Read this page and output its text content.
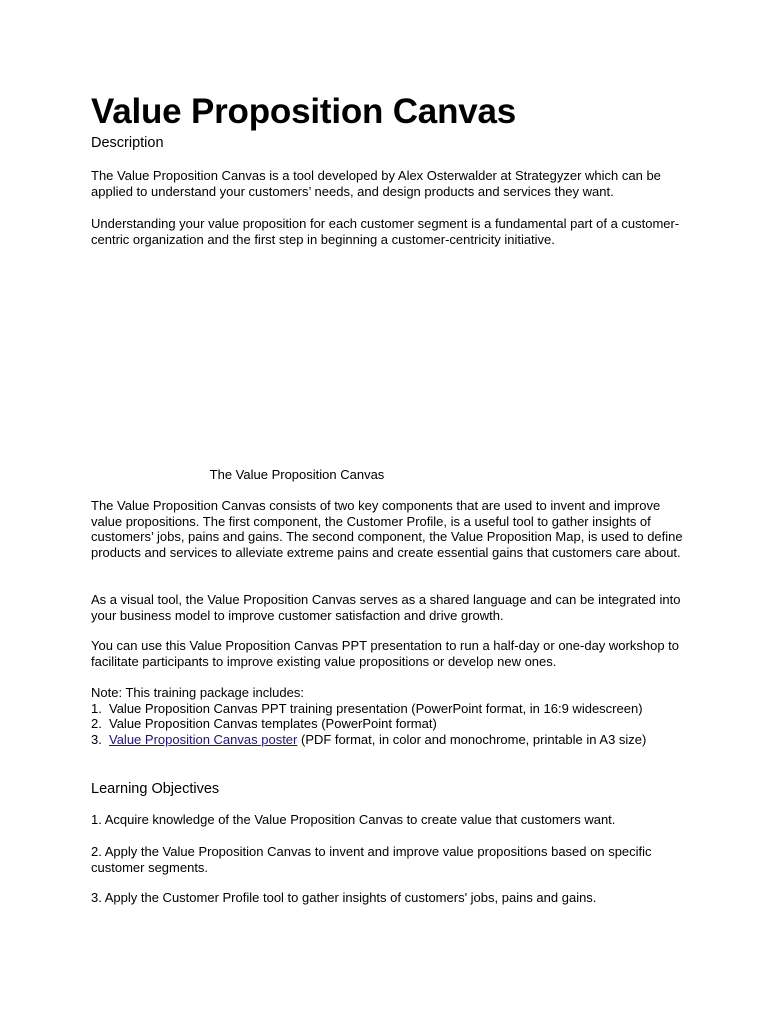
Value Proposition Canvas
Description

The Value Proposition Canvas is a tool developed by Alex Osterwalder at Strategyzer which can be applied to understand your customers’ needs, and design products and services they want.

Understanding your value proposition for each customer segment is a fundamental part of a customer-centric organization and the first step in beginning a customer-centricity initiative.

The Value Proposition Canvas

The Value Proposition Canvas consists of two key components that are used to invent and improve value propositions. The first component, the Customer Profile, is a useful tool to gather insights of customers’ jobs, pains and gains. The second component, the Value Proposition Map, is used to define products and services to alleviate extreme pains and create essential gains that customers care about.

As a visual tool, the Value Proposition Canvas serves as a shared language and can be integrated into your business model to improve customer satisfaction and drive growth.

You can use this Value Proposition Canvas PPT presentation to run a half-day or one-day workshop to facilitate participants to improve existing value propositions or develop new ones.

Note: This training package includes:

1. Value Proposition Canvas PPT training presentation (PowerPoint format, in 16:9 widescreen)

2. Value Proposition Canvas templates (PowerPoint format)

3. Value Proposition Canvas poster (PDF format, in color and monochrome, printable in A3 size)

Learning Objectives

1. Acquire knowledge of the Value Proposition Canvas to create value that customers want.

2. Apply the Value Proposition Canvas to invent and improve value propositions based on specific customer segments.

3. Apply the Customer Profile tool to gather insights of customers' jobs, pains and gains.
